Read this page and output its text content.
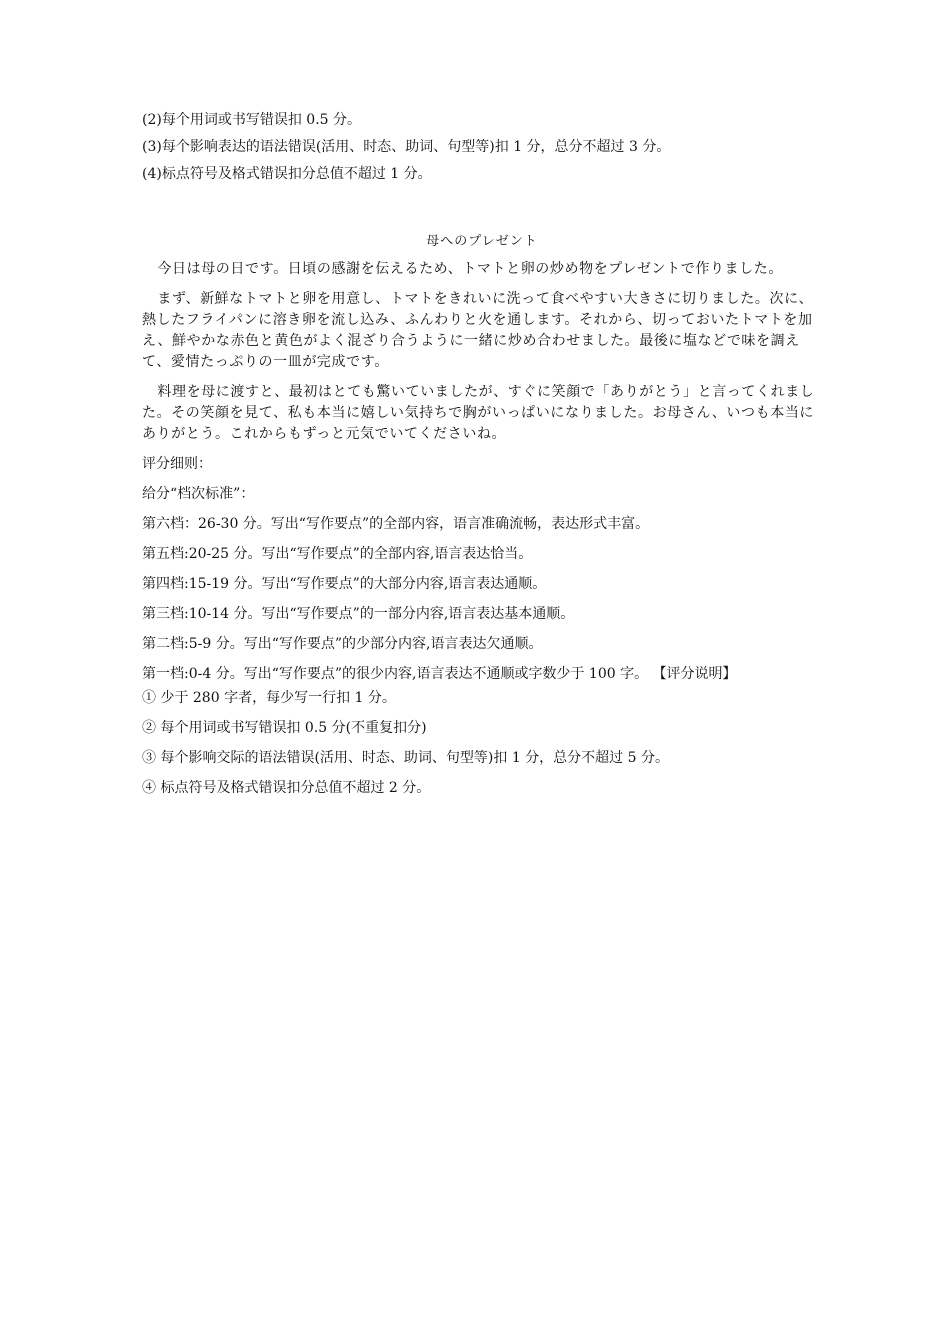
(2)每个用词或书写错误扣 0.5 分。

(3)每个影响表达的语法错误(活用、时态、助词、句型等)扣 1 分，总分不超过 3 分。

(4)标点符号及格式错误扣分总值不超过 1 分。

母へのプレゼント

今日は母の日です。日頃の感謝を伝えるため、トマトと卵の炒め物をプレゼントで作りました。

まず、新鮮なトマトと卵を用意し、トマトをきれいに洗って食べやすい大きさに切りました。次に、熱したフライパンに溶き卵を流し込み、ふんわりと火を通します。それから、切っておいたトマトを加え、鮮やかな赤色と黄色がよく混ざり合うように一緒に炒め合わせました。最後に塩などで味を調えて、愛情たっぷりの一皿が完成です。

料理を母に渡すと、最初はとても驚いていましたが、すぐに笑顔で「ありがとう」と言ってくれました。その笑顔を見て、私も本当に嬉しい気持ちで胸がいっぱいになりました。お母さん、いつも本当にありがとう。これからもずっと元気でいてくださいね。

评分细则：

给分“档次标准”：

第六档：26-30 分。写出“写作要点”的全部内容，语言准确流畅，表达形式丰富。

第五档:20-25 分。写出“写作要点”的全部内容,语言表达恰当。

第四档:15-19 分。写出“写作要点”的大部分内容,语言表达通顺。

第三档:10-14 分。写出“写作要点”的一部分内容,语言表达基本通顺。

第二档:5-9 分。写出“写作要点”的少部分内容,语言表达欠通顺。

第一档:0-4 分。写出“写作要点”的很少内容,语言表达不通顺或字数少于 100 字。 【评分说明】

① 少于 280 字者，每少写一行扣 1 分。

② 每个用词或书写错误扣 0.5 分(不重复扣分)

③ 每个影响交际的语法错误(活用、时态、助词、句型等)扣 1 分，总分不超过 5 分。

④ 标点符号及格式错误扣分总值不超过 2 分。
